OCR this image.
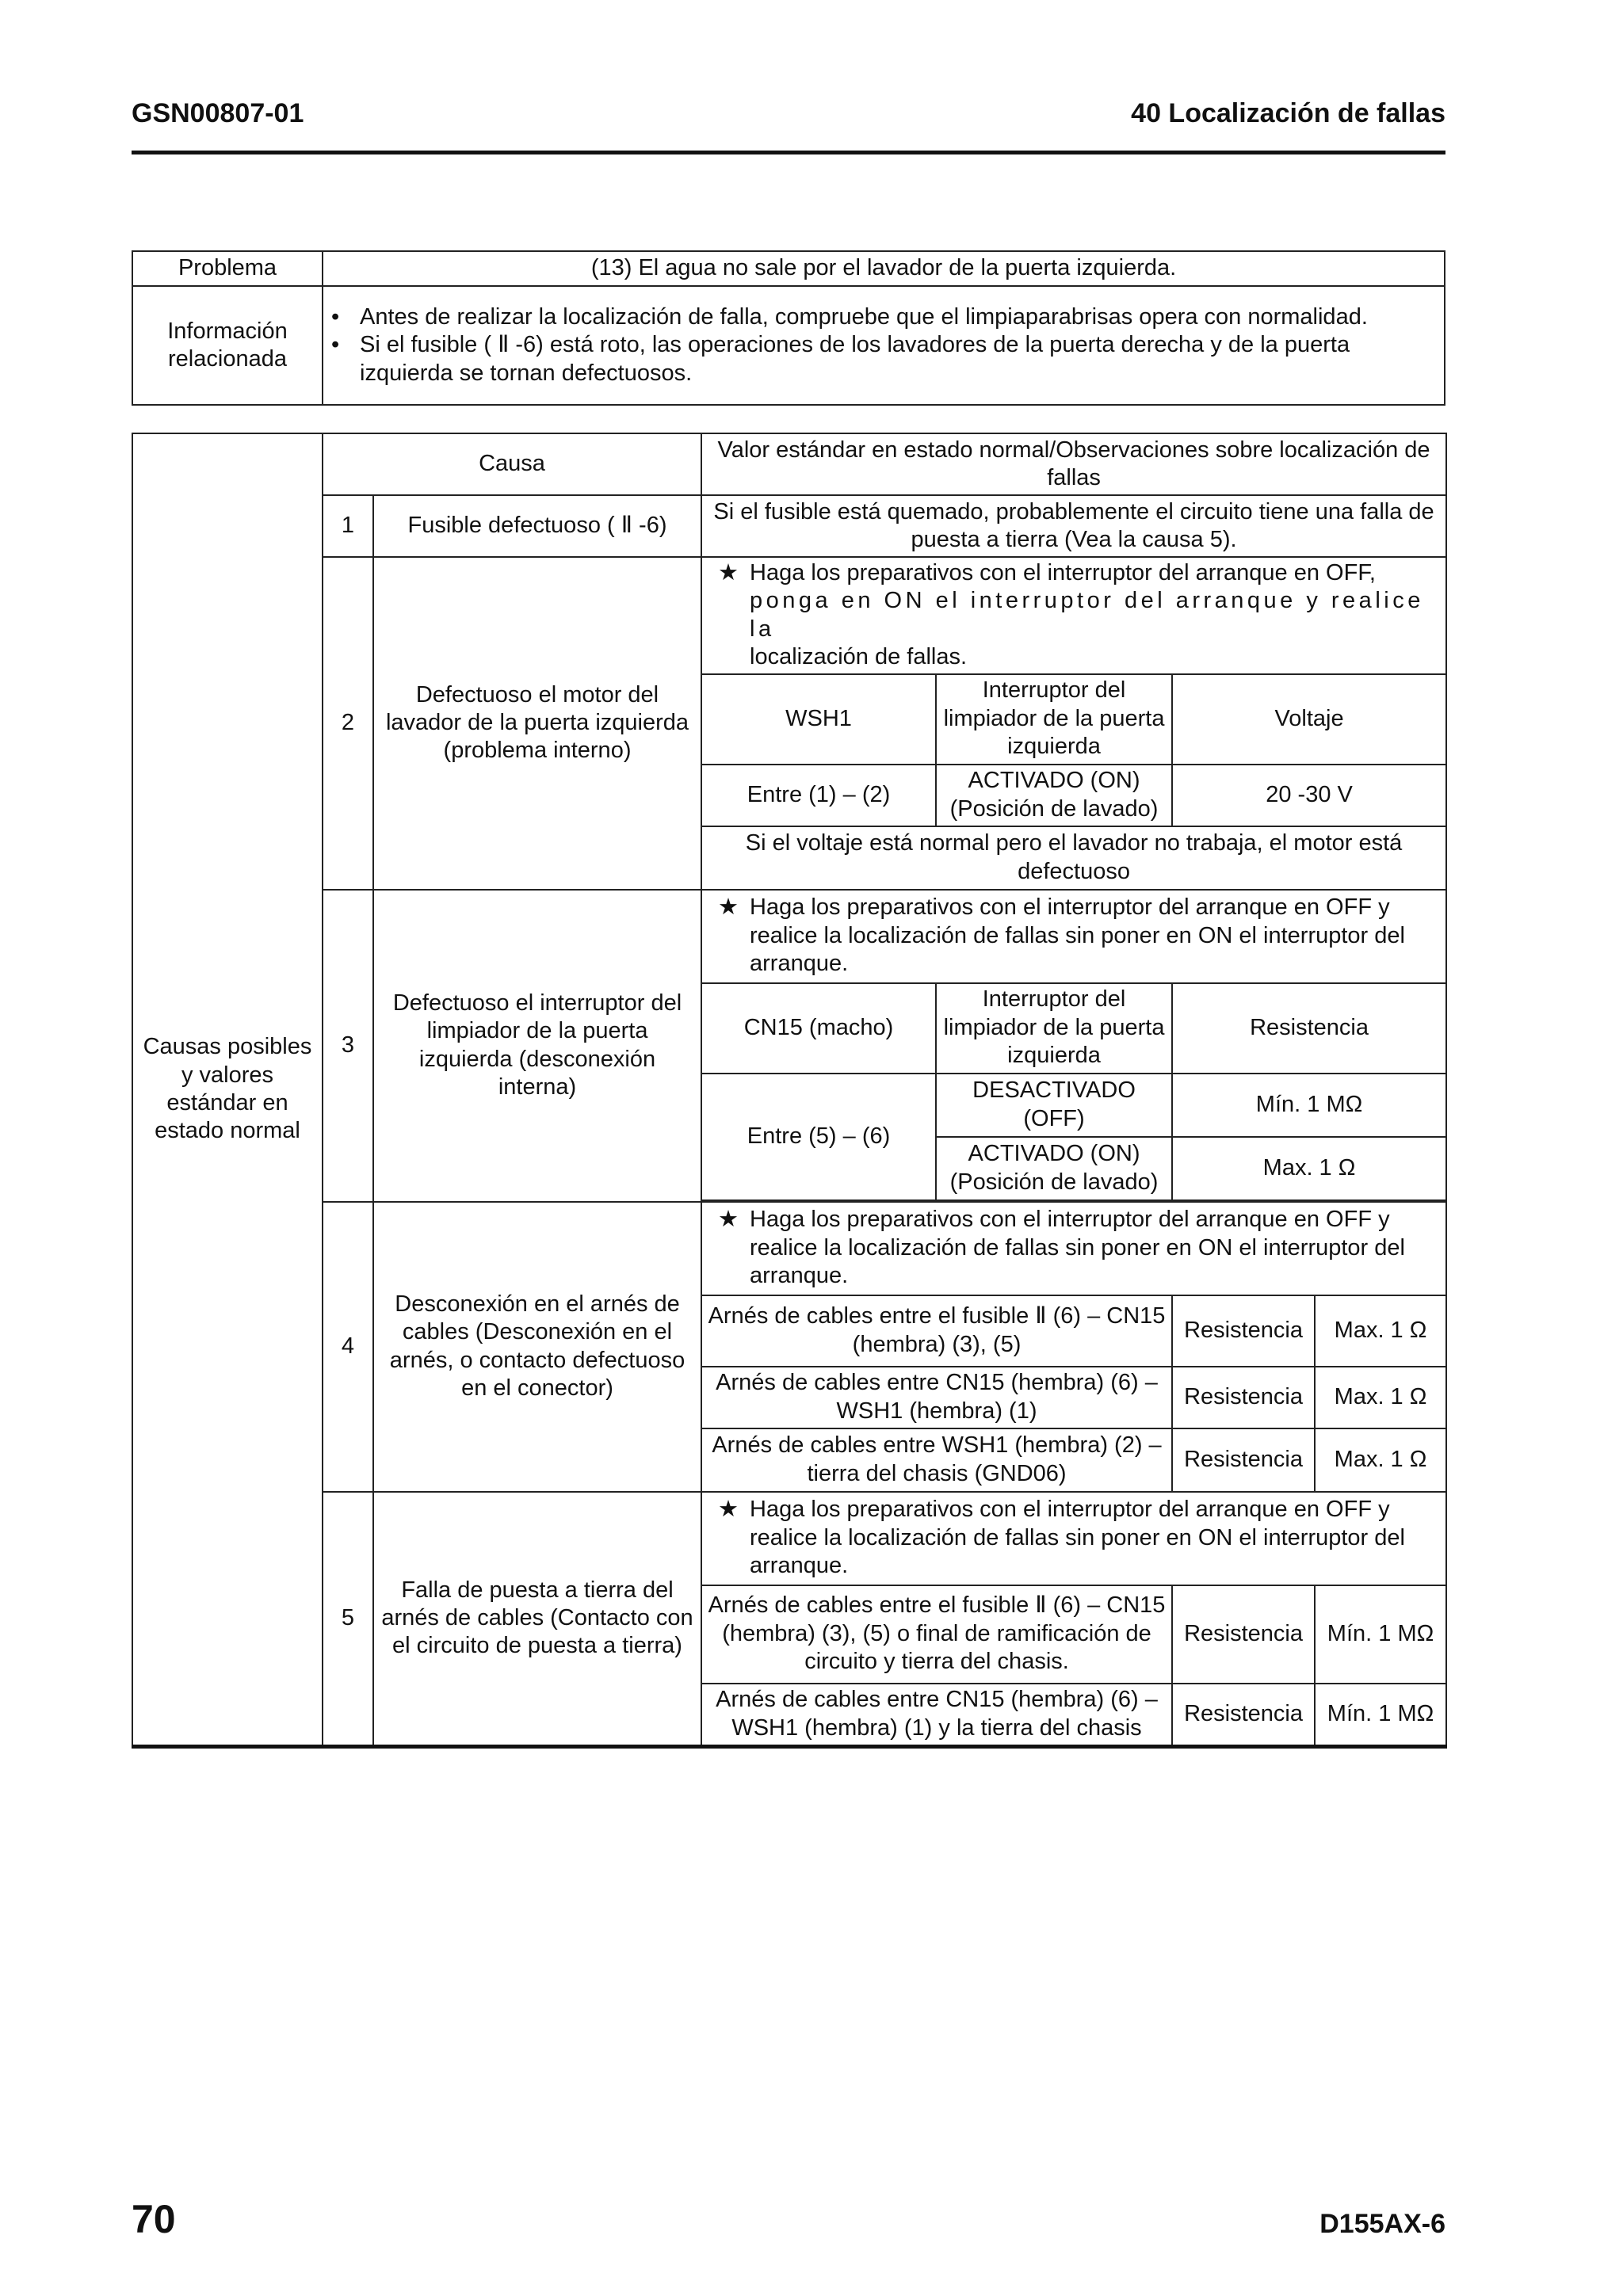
GSN00807-01	40 Localización de fallas
Problema	(13) El agua no sale por el lavador de la puerta izquierda.
Información relacionada	• Antes de realizar la localización de falla, compruebe que el limpiaparabrisas opera con normalidad.
• Si el fusible ( Ⅱ -6) está roto, las operaciones de los lavadores de la puerta derecha y de la puerta izquierda se tornan defectuosos.
Causas posibles y valores estándar en estado normal	Causa		Valor estándar en estado normal/Observaciones sobre localización de fallas			
	1	Fusible defectuoso ( Ⅱ -6)	Si el fusible está quemado, probablemente el circuito tiene una falla de puesta a tierra (Vea la causa 5).			
	2	Defectuoso el motor del lavador de la puerta izquierda (problema interno)	★ Haga los preparativos con el interruptor del arranque en OFF,
ponga en ON el interruptor del arranque y realice la
localización de fallas.			

			WSH1	Interruptor del limpiador de la puerta izquierda	Voltaje	
			Entre (1) – (2)	ACTIVADO (ON) (Posición de lavado)	20 -30 V	
			Si el voltaje está normal pero el lavador no trabaja, el motor está defectuoso			
	3	Defectuoso el interruptor del limpiador de la puerta izquierda (desconexión interna)	★ Haga los preparativos con el interruptor del arranque en OFF y realice la localización de fallas sin poner en ON el interruptor del arranque.			

			CN15 (macho)	Interruptor del limpiador de la puerta izquierda	Resistencia	
			Entre (5) – (6)	DESACTIVADO (OFF)	Mín. 1 MΩ	
				ACTIVADO (ON) (Posición de lavado)	Max. 1 Ω	

	4	Desconexión en el arnés de cables (Desconexión en el arnés, o contacto defectuoso en el conector)	★ Haga los preparativos con el interruptor del arranque en OFF y realice la localización de fallas sin poner en ON el interruptor del arranque.			

			Arnés de cables entre el fusible Ⅱ (6) – CN15 (hembra) (3), (5)		Resistencia	Max. 1 Ω
			Arnés de cables entre CN15 (hembra) (6) – WSH1 (hembra) (1)		Resistencia	Max. 1 Ω
			Arnés de cables entre WSH1 (hembra) (2) – tierra del chasis (GND06)		Resistencia	Max. 1 Ω
	5	Falla de puesta a tierra del arnés de cables (Contacto con el circuito de puesta a tierra)	★ Haga los preparativos con el interruptor del arranque en OFF y realice la localización de fallas sin poner en ON el interruptor del arranque.			

			Arnés de cables entre el fusible Ⅱ (6) – CN15 (hembra) (3), (5) o final de ramificación de circuito y tierra del chasis.		Resistencia	Mín. 1 MΩ
			Arnés de cables entre CN15 (hembra) (6) – WSH1 (hembra) (1) y la tierra del chasis		Resistencia	Mín. 1 MΩ
70	D155AX-6
